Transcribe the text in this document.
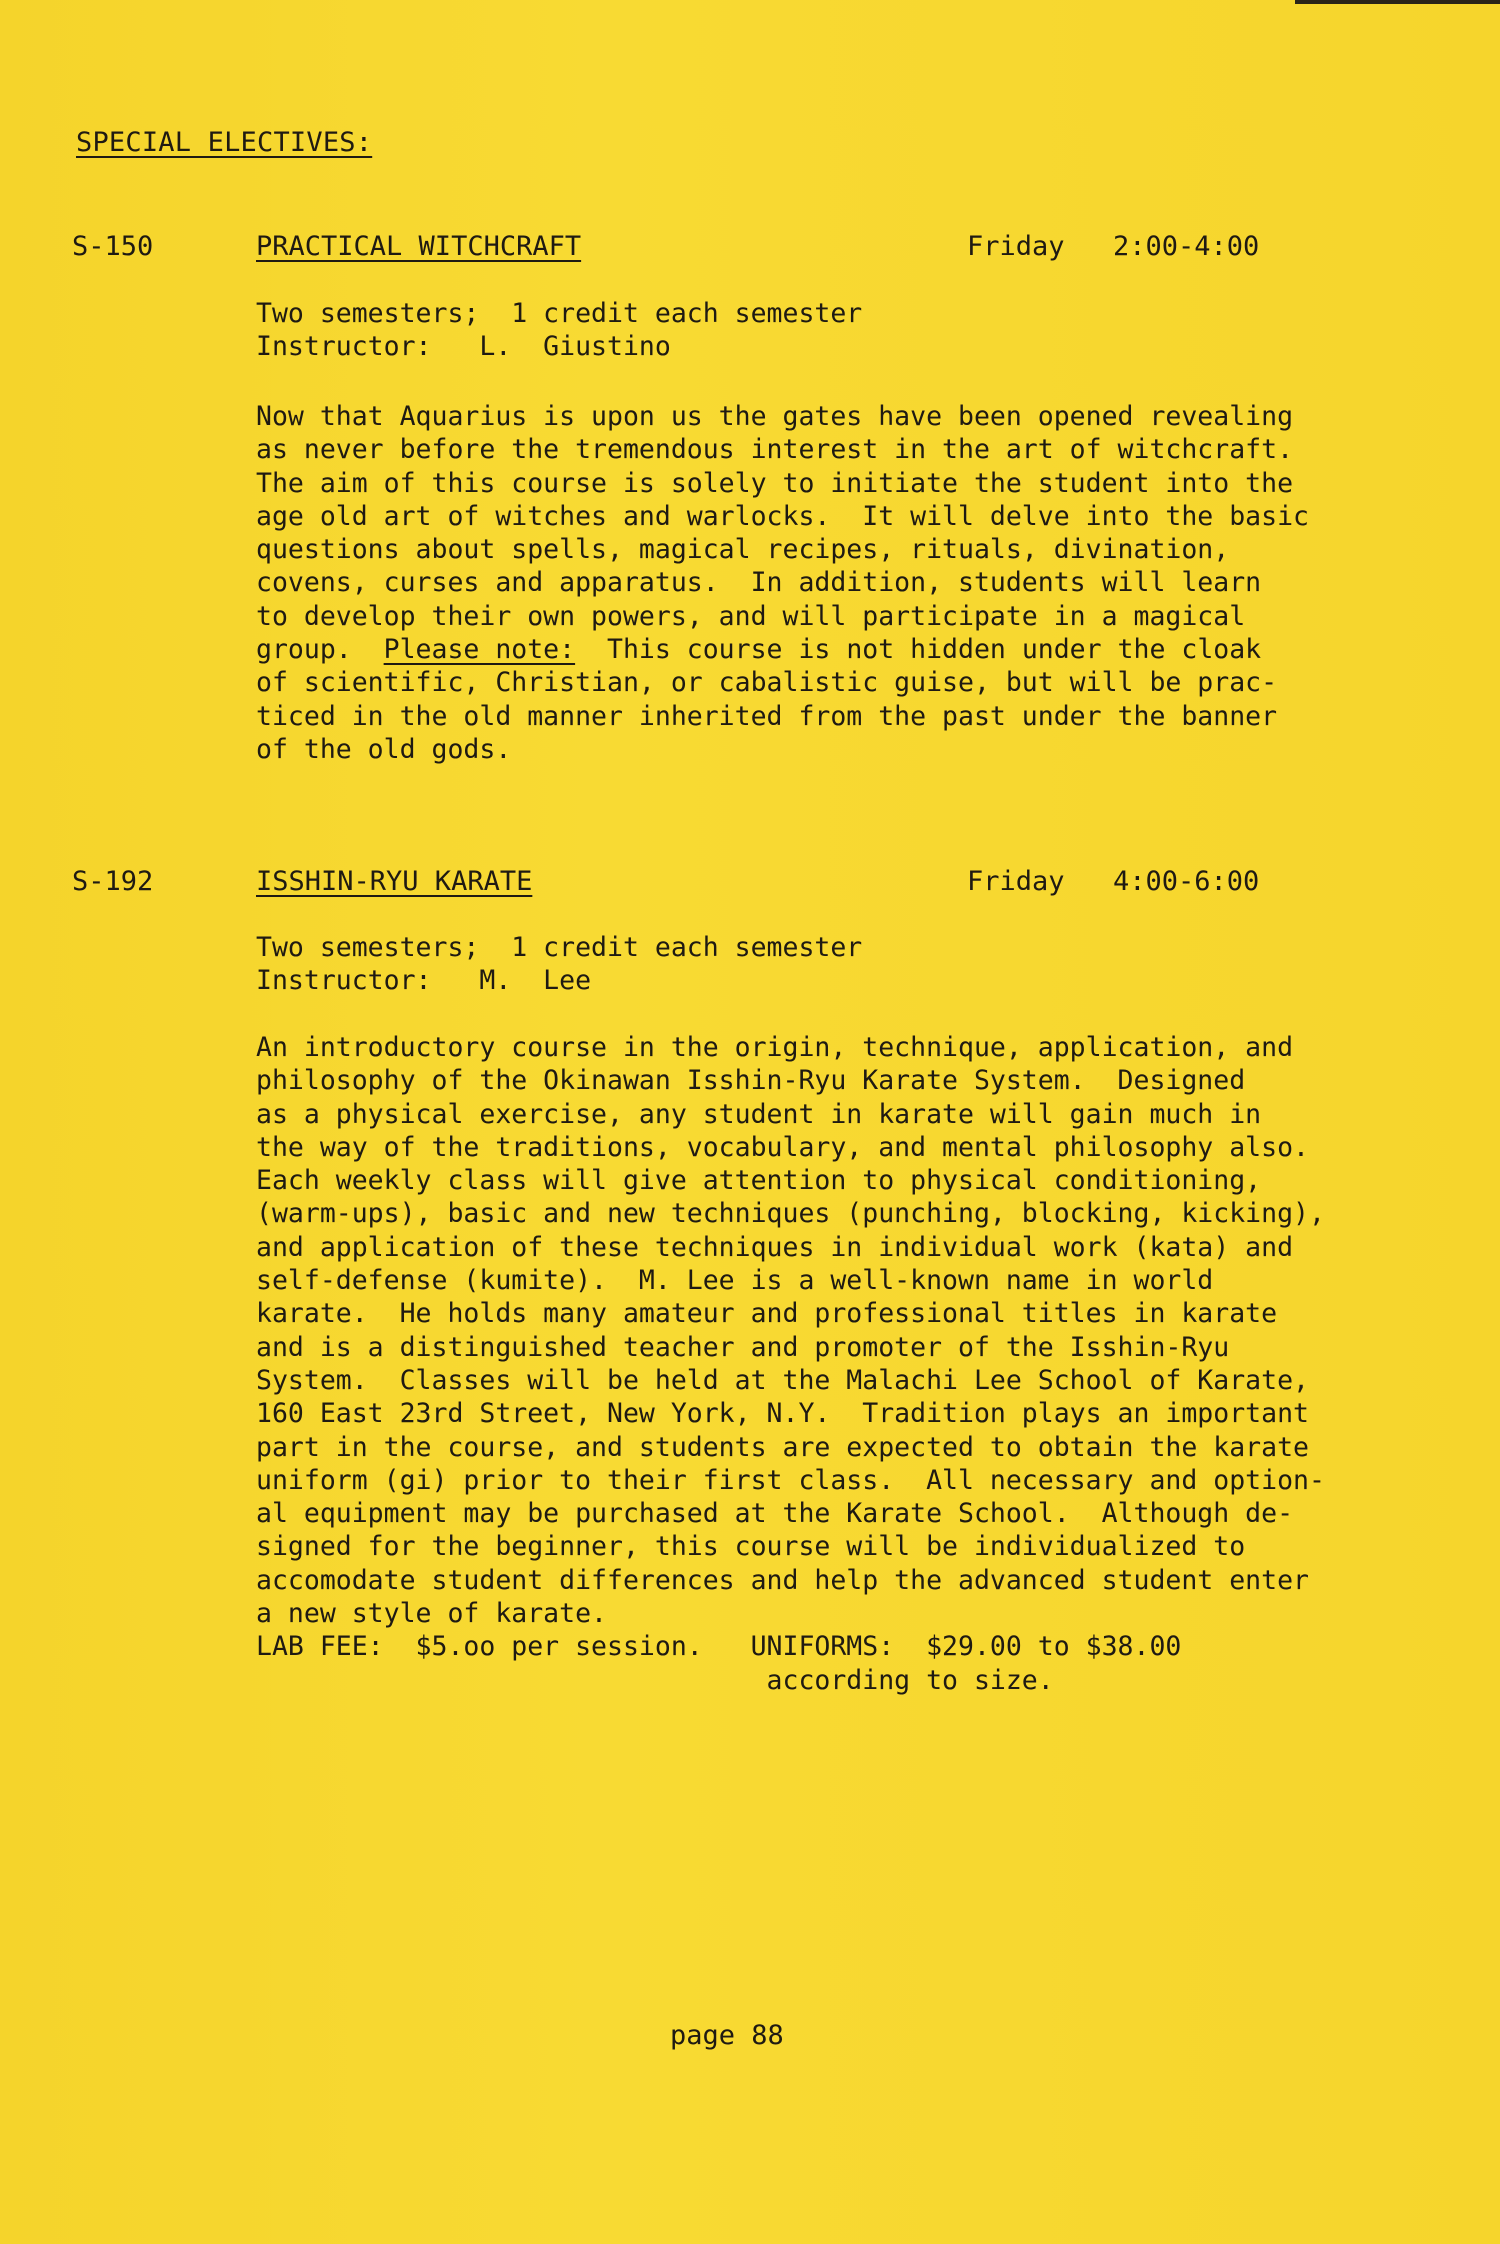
SPECIAL ELECTIVES:
S-150	PRACTICAL WITCHCRAFT	Friday 2:00-4:00
Two semesters;  1 credit each semester
Instructor:   L.  Giustino
Now that Aquarius is upon us the gates have been opened revealing
as never before the tremendous interest in the art of witchcraft.
The aim of this course is solely to initiate the student into the
age old art of witches and warlocks.  It will delve into the basic
questions about spells, magical recipes, rituals, divination,
covens, curses and apparatus.  In addition, students will learn
to develop their own powers, and will participate in a magical
group.  Please note:  This course is not hidden under the cloak
of scientific, Christian, or cabalistic guise, but will be prac-
ticed in the old manner inherited from the past under the banner
of the old gods.
S-192	ISSHIN-RYU KARATE	Friday 4:00-6:00
Two semesters;  1 credit each semester
Instructor:   M.  Lee
An introductory course in the origin, technique, application, and
philosophy of the Okinawan Isshin-Ryu Karate System.  Designed
as a physical exercise, any student in karate will gain much in
the way of the traditions, vocabulary, and mental philosophy also.
Each weekly class will give attention to physical conditioning,
(warm-ups), basic and new techniques (punching, blocking, kicking),
and application of these techniques in individual work (kata) and
self-defense (kumite).  M. Lee is a well-known name in world
karate.  He holds many amateur and professional titles in karate
and is a distinguished teacher and promoter of the Isshin-Ryu
System.  Classes will be held at the Malachi Lee School of Karate,
160 East 23rd Street, New York, N.Y.  Tradition plays an important
part in the course, and students are expected to obtain the karate
uniform (gi) prior to their first class.  All necessary and option-
al equipment may be purchased at the Karate School.  Although de-
signed for the beginner, this course will be individualized to
accomodate student differences and help the advanced student enter
a new style of karate.
LAB FEE:  $5.oo per session.   UNIFORMS:  $29.00 to $38.00
according to size.
page 88
